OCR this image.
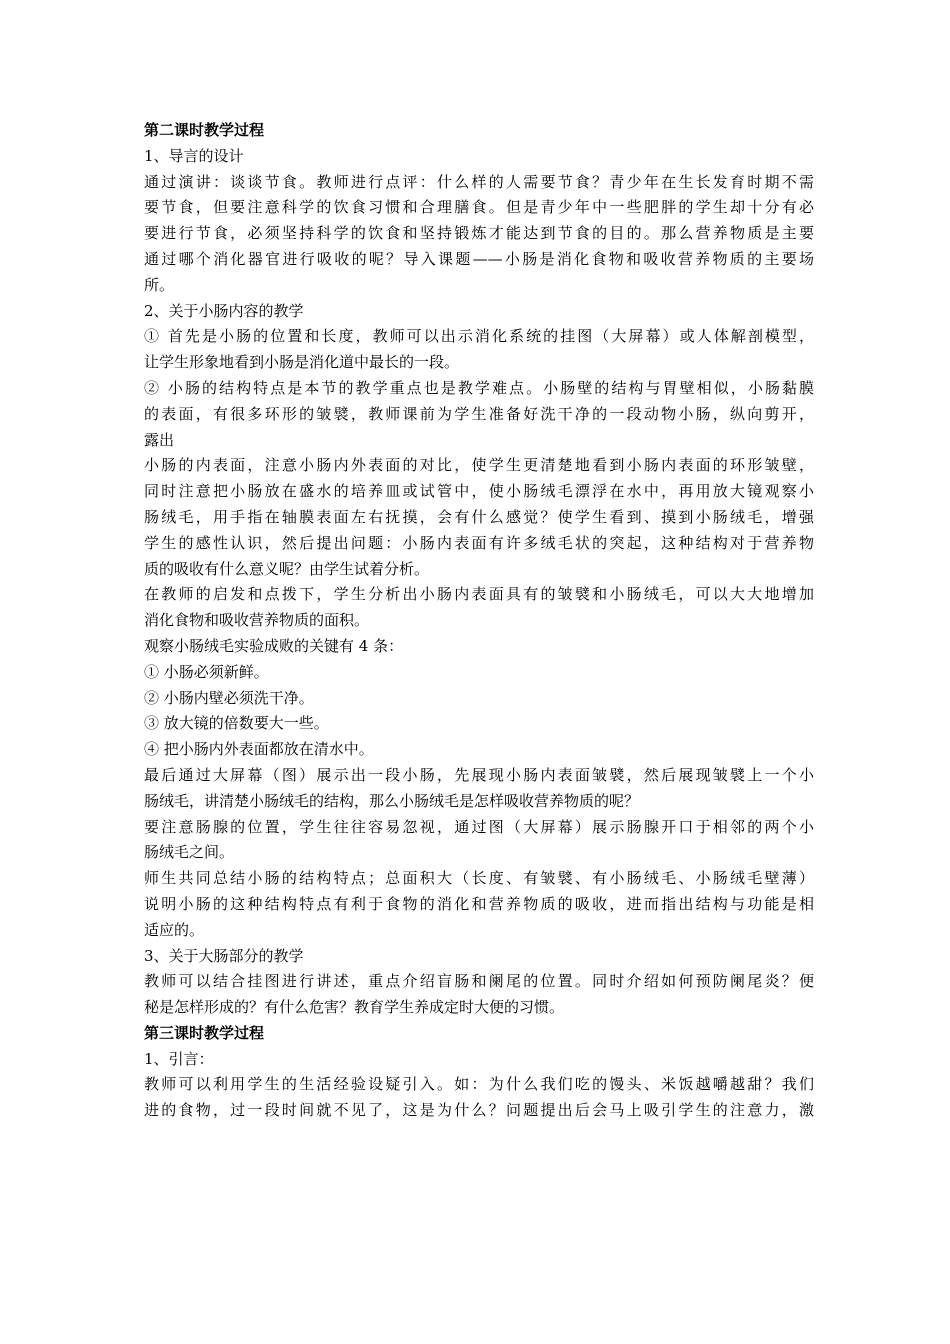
第二课时教学过程

1、导言的设计

通过演讲：谈谈节食。教师进行点评：什么样的人需要节食？青少年在生长发育时期不需

要节食，但要注意科学的饮食习惯和合理膳食。但是青少年中一些肥胖的学生却十分有必

要进行节食，必须坚持科学的饮食和坚持锻炼才能达到节食的目的。那么营养物质是主要

通过哪个消化器官进行吸收的呢？导入课题——小肠是消化食物和吸收营养物质的主要场

所。

2、关于小肠内容的教学

① 首先是小肠的位置和长度，教师可以出示消化系统的挂图（大屏幕）或人体解剖模型，

让学生形象地看到小肠是消化道中最长的一段。

② 小肠的结构特点是本节的教学重点也是教学难点。小肠壁的结构与胃壁相似，小肠黏膜

的表面，有很多环形的皱襞，教师课前为学生准备好洗干净的一段动物小肠，纵向剪开，

露出

小肠的内表面，注意小肠内外表面的对比，使学生更清楚地看到小肠内表面的环形皱壁，

同时注意把小肠放在盛水的培养皿或试管中，使小肠绒毛漂浮在水中，再用放大镜观察小

肠绒毛，用手指在轴膜表面左右抚摸，会有什么感觉？使学生看到、摸到小肠绒毛，增强

学生的感性认识，然后提出问题：小肠内表面有许多绒毛状的突起，这种结构对于营养物

质的吸收有什么意义呢？由学生试着分析。

在教师的启发和点拨下，学生分析出小肠内表面具有的皱襞和小肠绒毛，可以大大地增加

消化食物和吸收营养物质的面积。

观察小肠绒毛实验成败的关键有 4 条：

① 小肠必须新鲜。

② 小肠内壁必须洗干净。

③ 放大镜的倍数要大一些。

④ 把小肠内外表面都放在清水中。

最后通过大屏幕（图）展示出一段小肠，先展现小肠内表面皱襞，然后展现皱襞上一个小

肠绒毛，讲清楚小肠绒毛的结构，那么小肠绒毛是怎样吸收营养物质的呢？

要注意肠腺的位置，学生往往容易忽视，通过图（大屏幕）展示肠腺开口于相邻的两个小

肠绒毛之间。

师生共同总结小肠的结构特点；总面积大（长度、有皱襞、有小肠绒毛、小肠绒毛壁薄）

说明小肠的这种结构特点有利于食物的消化和营养物质的吸收，进而指出结构与功能是相

适应的。

3、关于大肠部分的教学

教师可以结合挂图进行讲述，重点介绍盲肠和阑尾的位置。同时介绍如何预防阑尾炎？便

秘是怎样形成的？有什么危害？教育学生养成定时大便的习惯。

第三课时教学过程

1、引言：

教师可以利用学生的生活经验设疑引入。如：为什么我们吃的馒头、米饭越嚼越甜？我们

进的食物，过一段时间就不见了，这是为什么？问题提出后会马上吸引学生的注意力，激
